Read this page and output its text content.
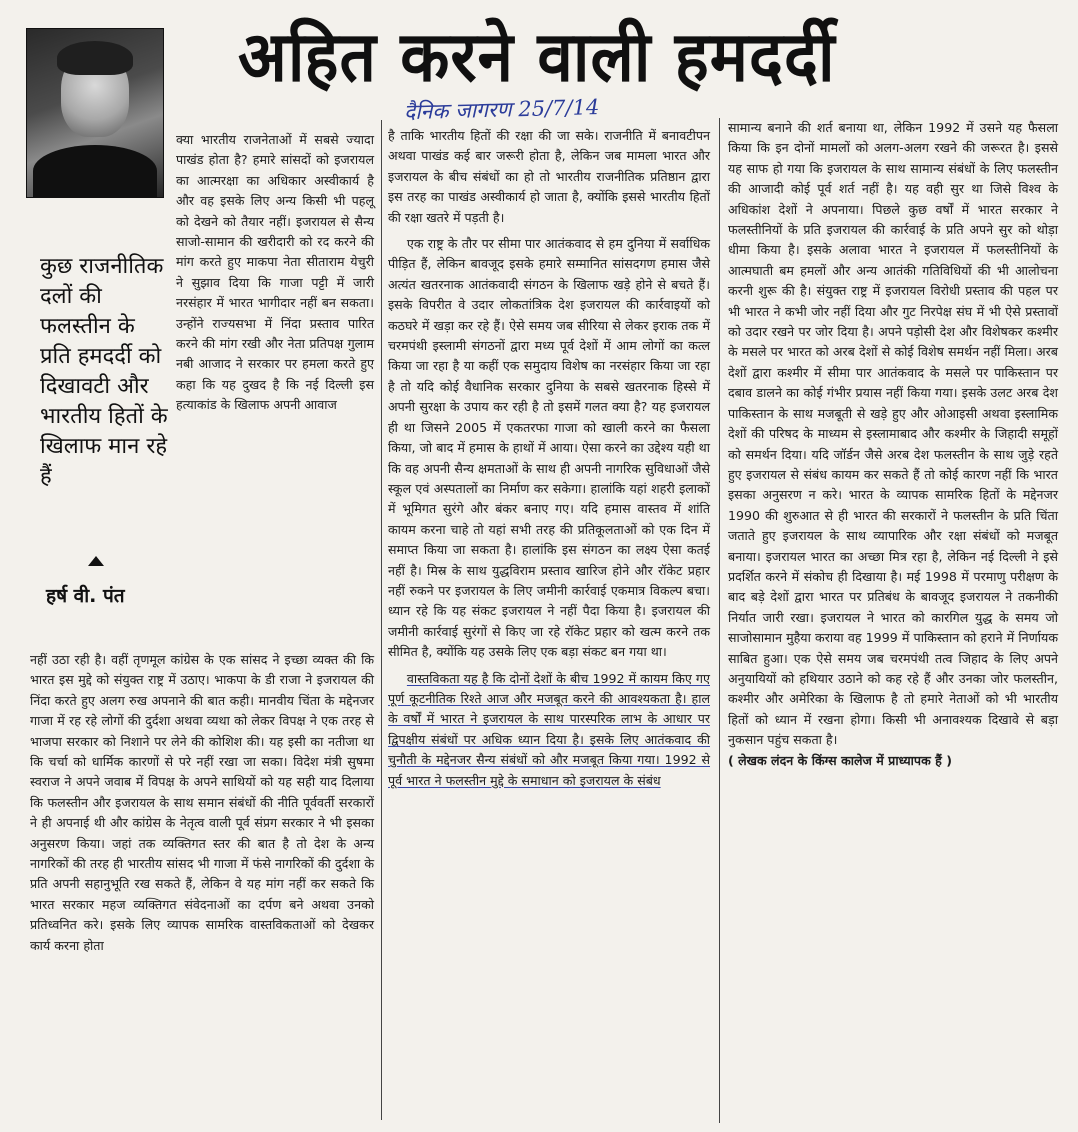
अहित करने वाली हमदर्दी
दैनिक जागरण 25/7/14
कुछ राजनीतिक दलों की फलस्तीन के प्रति हमदर्दी को दिखावटी और भारतीय हितों के खिलाफ मान रहे हैं
हर्ष वी. पंत

क्या भारतीय राजनेताओं में सबसे ज्यादा पाखंड होता है? हमारे सांसदों को इजरायल का आत्मरक्षा का अधिकार अस्वीकार्य है और वह इसके लिए अन्य किसी भी पहलू को देखने को तैयार नहीं। इजरायल से सैन्य साजो-सामान की खरीदारी को रद करने की मांग करते हुए माकपा नेता सीताराम येचुरी ने सुझाव दिया कि गाजा पट्टी में जारी नरसंहार में भारत भागीदार नहीं बन सकता। उन्होंने राज्यसभा में निंदा प्रस्ताव पारित करने की मांग रखी और नेता प्रतिपक्ष गुलाम नबी आजाद ने सरकार पर हमला करते हुए कहा कि यह दुखद है कि नई दिल्ली इस हत्याकांड के खिलाफ अपनी आवाज

नहीं उठा रही है। वहीं तृणमूल कांग्रेस के एक सांसद ने इच्छा व्यक्त की कि भारत इस मुद्दे को संयुक्त राष्ट्र में उठाए। भाकपा के डी राजा ने इजरायल की निंदा करते हुए अलग रुख अपनाने की बात कही। मानवीय चिंता के मद्देनजर गाजा में रह रहे लोगों की दुर्दशा अथवा व्यथा को लेकर विपक्ष ने एक तरह से भाजपा सरकार को निशाने पर लेने की कोशिश की। यह इसी का नतीजा था कि चर्चा को धार्मिक कारणों से परे नहीं रखा जा सका। विदेश मंत्री सुषमा स्वराज ने अपने जवाब में विपक्ष के अपने साथियों को यह सही याद दिलाया कि फलस्तीन और इजरायल के साथ समान संबंधों की नीति पूर्ववर्ती सरकारों ने ही अपनाई थी और कांग्रेस के नेतृत्व वाली पूर्व संप्रग सरकार ने भी इसका अनुसरण किया। जहां तक व्यक्तिगत स्तर की बात है तो देश के अन्य नागरिकों की तरह ही भारतीय सांसद भी गाजा में फंसे नागरिकों की दुर्दशा के प्रति अपनी सहानुभूति रख सकते हैं, लेकिन वे यह मांग नहीं कर सकते कि भारत सरकार महज व्यक्तिगत संवेदनाओं का दर्पण बने अथवा उनको प्रतिध्वनित करे। इसके लिए व्यापक सामरिक वास्तविकताओं को देखकर कार्य करना होता

है ताकि भारतीय हितों की रक्षा की जा सके। राजनीति में बनावटीपन अथवा पाखंड कई बार जरूरी होता है, लेकिन जब मामला भारत और इजरायल के बीच संबंधों का हो तो भारतीय राजनीतिक प्रतिष्ठान द्वारा इस तरह का पाखंड अस्वीकार्य हो जाता है, क्योंकि इससे भारतीय हितों की रक्षा खतरे में पड़ती है।

एक राष्ट्र के तौर पर सीमा पार आतंकवाद से हम दुनिया में सर्वाधिक पीड़ित हैं, लेकिन बावजूद इसके हमारे सम्मानित सांसदगण हमास जैसे अत्यंत खतरनाक आतंकवादी संगठन के खिलाफ खड़े होने से बचते हैं। इसके विपरीत वे उदार लोकतांत्रिक देश इजरायल की कार्रवाइयों को कठघरे में खड़ा कर रहे हैं। ऐसे समय जब सीरिया से लेकर इराक तक में चरमपंथी इस्लामी संगठनों द्वारा मध्य पूर्व देशों में आम लोगों का कत्ल किया जा रहा है या कहीं एक समुदाय विशेष का नरसंहार किया जा रहा है तो यदि कोई वैधानिक सरकार दुनिया के सबसे खतरनाक हिस्से में अपनी सुरक्षा के उपाय कर रही है तो इसमें गलत क्या है? यह इजरायल ही था जिसने 2005 में एकतरफा गाजा को खाली करने का फैसला किया, जो बाद में हमास के हाथों में आया। ऐसा करने का उद्देश्य यही था कि वह अपनी सैन्य क्षमताओं के साथ ही अपनी नागरिक सुविधाओं जैसे स्कूल एवं अस्पतालों का निर्माण कर सकेगा। हालांकि यहां शहरी इलाकों में भूमिगत सुरंगे और बंकर बनाए गए। यदि हमास वास्तव में शांति कायम करना चाहे तो यहां सभी तरह की प्रतिकूलताओं को एक दिन में समाप्त किया जा सकता है। हालांकि इस संगठन का लक्ष्य ऐसा कतई नहीं है। मिस्र के साथ युद्धविराम प्रस्ताव खारिज होने और रॉकेट प्रहार नहीं रुकने पर इजरायल के लिए जमीनी कार्रवाई एकमात्र विकल्प बचा। ध्यान रहे कि यह संकट इजरायल ने नहीं पैदा किया है। इजरायल की जमीनी कार्रवाई सुरंगों से किए जा रहे रॉकेट प्रहार को खत्म करने तक सीमित है, क्योंकि यह उसके लिए एक बड़ा संकट बन गया था।

वास्तविकता यह है कि दोनों देशों के बीच 1992 में कायम किए गए पूर्ण कूटनीतिक रिश्ते आज और मजबूत करने की आवश्यकता है। हाल के वर्षों में भारत ने इजरायल के साथ पारस्परिक लाभ के आधार पर द्विपक्षीय संबंधों पर अधिक ध्यान दिया है। इसके लिए आतंकवाद की चुनौती के मद्देनजर सैन्य संबंधों को और मजबूत किया गया। 1992 से पूर्व भारत ने फलस्तीन मुद्दे के समाधान को इजरायल के संबंध

सामान्य बनाने की शर्त बनाया था, लेकिन 1992 में उसने यह फैसला किया कि इन दोनों मामलों को अलग-अलग रखने की जरूरत है। इससे यह साफ हो गया कि इजरायल के साथ सामान्य संबंधों के लिए फलस्तीन की आजादी कोई पूर्व शर्त नहीं है। यह वही सुर था जिसे विश्व के अधिकांश देशों ने अपनाया। पिछले कुछ वर्षों में भारत सरकार ने फलस्तीनियों के प्रति इजरायल की कार्रवाई के प्रति अपने सुर को थोड़ा धीमा किया है। इसके अलावा भारत ने इजरायल में फलस्तीनियों के आत्मघाती बम हमलों और अन्य आतंकी गतिविधियों की भी आलोचना करनी शुरू की है। संयुक्त राष्ट्र में इजरायल विरोधी प्रस्ताव की पहल पर भी भारत ने कभी जोर नहीं दिया और गुट निरपेक्ष संघ में भी ऐसे प्रस्तावों को उदार रखने पर जोर दिया है। अपने पड़ोसी देश और विशेषकर कश्मीर के मसले पर भारत को अरब देशों से कोई विशेष समर्थन नहीं मिला। अरब देशों द्वारा कश्मीर में सीमा पार आतंकवाद के मसले पर पाकिस्तान पर दबाव डालने का कोई गंभीर प्रयास नहीं किया गया। इसके उलट अरब देश पाकिस्तान के साथ मजबूती से खड़े हुए और ओआइसी अथवा इस्लामिक देशों की परिषद के माध्यम से इस्लामाबाद और कश्मीर के जिहादी समूहों को समर्थन दिया। यदि जॉर्डन जैसे अरब देश फलस्तीन के साथ जुड़े रहते हुए इजरायल से संबंध कायम कर सकते हैं तो कोई कारण नहीं कि भारत इसका अनुसरण न करे। भारत के व्यापक सामरिक हितों के मद्देनजर 1990 की शुरुआत से ही भारत की सरकारों ने फलस्तीन के प्रति चिंता जताते हुए इजरायल के साथ व्यापारिक और रक्षा संबंधों को मजबूत बनाया। इजरायल भारत का अच्छा मित्र रहा है, लेकिन नई दिल्ली ने इसे प्रदर्शित करने में संकोच ही दिखाया है। मई 1998 में परमाणु परीक्षण के बाद बड़े देशों द्वारा भारत पर प्रतिबंध के बावजूद इजरायल ने तकनीकी निर्यात जारी रखा। इजरायल ने भारत को कारगिल युद्ध के समय जो साजोसामान मुहैया कराया वह 1999 में पाकिस्तान को हराने में निर्णायक साबित हुआ। एक ऐसे समय जब चरमपंथी तत्व जिहाद के लिए अपने अनुयायियों को हथियार उठाने को कह रहे हैं और उनका जोर फलस्तीन, कश्मीर और अमेरिका के खिलाफ है तो हमारे नेताओं को भी भारतीय हितों को ध्यान में रखना होगा। किसी भी अनावश्यक दिखावे से बड़ा नुकसान पहुंच सकता है।

( लेखक लंदन के किंग्स कालेज में प्राध्यापक हैं )
